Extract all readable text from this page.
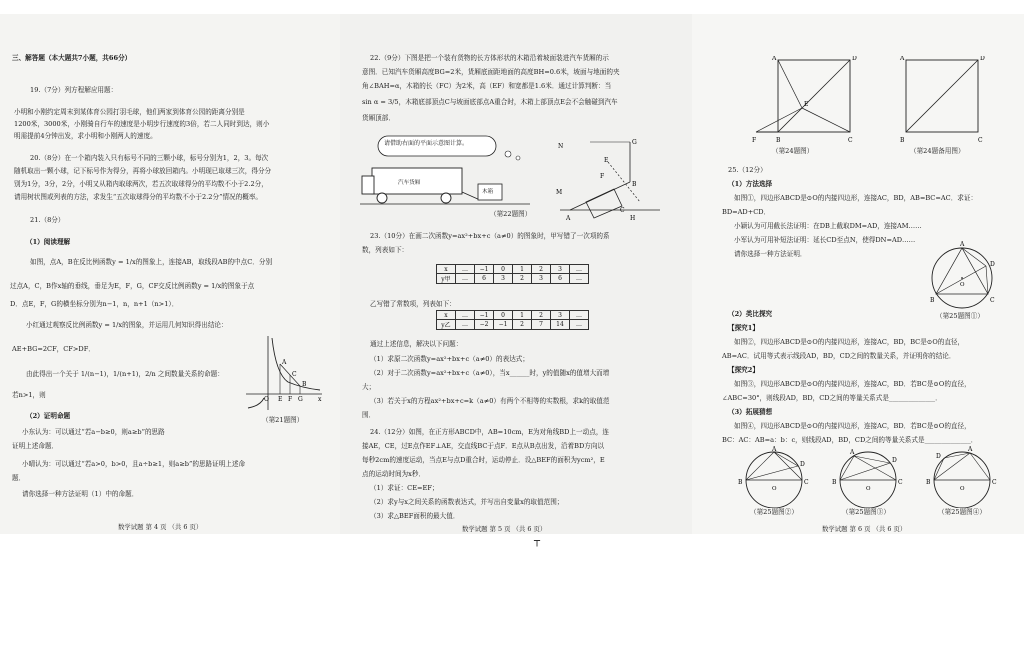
三、解答题（本大题共7小题，共66分）
19.（7分）列方程解应用题：
小明和小刚约定周末到某体育公园打羽毛球，他们两家到体育公园的距离分别是
1200米，3000米，小刚骑自行车的速度是小明步行速度的3倍，若二人同时到达，则小
明需提前4分钟出发，求小明和小刚两人的速度。
20.（8分）在一个箱内装入只有标号不同的三颗小球，标号分别为1，2，3。每次
随机取出一颗小球，记下标号作为得分，再将小球放回箱内。小明现已取球三次，得分分
别为1分，3分，2分，小明又从箱内取球两次，若五次取球得分的平均数不小于2.2分，
请用树状图或列表的方法，求发生“五次取球得分的平均数不小于2.2分”情况的概率。
21.（8分）
（1）阅读理解
如图，点A，B在反比例函数y = 1/x的图象上，连接AB，取线段AB的中点C．分别
过点A，C，B作x轴的垂线，垂足为E，F，G，CF交反比例函数y = 1/x的图象于点
D．点E，F，G的横坐标分别为n−1，n，n+1（n>1）．
小红通过观察反比例函数y = 1/x的图象，并运用几何知识得出结论：
AE+BG=2CF，CF>DF．
由此得出一个关于 1/(n−1)，1/(n+1)，2/n 之间数量关系的命题：
若n>1，则
（2）证明命题
小东认为：可以通过“若a−b≥0，则a≥b”的思路
证明上述命题．
小晴认为：可以通过“若a>0，b>0，且a÷b≥1，则a≥b”的思路证明上述命
题．
请你选择一种方法证明（1）中的命题．
A
C
B
O E F G	x
（第21题图）
数学试题 第 4 页 （共 6 页）
22.（9分）下图是把一个装有货物的长方体形状的木箱沿着坡面装进汽车货厢的示
意图．已知汽车货厢高度BG=2米，货厢底面距地面的高度BH=0.6米，坡面与地面的夹
角∠BAH=α，木箱的长（FC）为2米，高（EF）和宽都是1.6米．通过计算判断：当
sin α = 3/5，木箱底部顶点C与坡面底部点A重合时，木箱上部顶点E会不会触碰到汽车
货厢顶部．
N
G
E
F
M
B
A	H
C
请借助右面的平面示意图计算。
汽车货厢
木箱
（第22题图）
23.（10分）在画二次函数y=ax²+bx+c（a≠0）的图象时，甲写错了一次项的系
数，列表如下：
x	…	−1	0	1	2	3	…
y甲	…	6	3	2	3	6	…
乙写错了常数项，列表如下：
x	…	−1	0	1	2	3	…
y乙	…	−2	−1	2	7	14	…
通过上述信息，解决以下问题：
（1）求原二次函数y=ax²+bx+c（a≠0）的表达式；
（2）对于二次函数y=ax²+bx+c（a≠0），当x______时，y的值随x的值增大而增
大；
（3）若关于x的方程ax²+bx+c=k（a≠0）有两个不相等的实数根，求k的取值范
围．
24.（12分）如图，在正方形ABCD中，AB=10cm，E为对角线BD上一动点，连
接AE，CE，过E点作EF⊥AE，交直线BC于点F．E点从B点出发，沿着BD方向以
每秒2cm的速度运动，当点E与点D重合时，运动停止．设△BEF的面积为ycm²，E
点的运动时间为x秒．
（1）求证：CE=EF；
（2）求y与x之间关系的函数表达式，并写出自变量x的取值范围；
（3）求△BEF面积的最大值．
数学试题 第 5 页 （共 6 页）
┬
A	D
E
F	B	C
（第24题图）
A	D
B	C
（第24题备用图）
25.（12分）
（1）方法选择
如图①，四边形ABCD是⊙O的内接四边形，连接AC，BD，AB=BC=AC．求证：
BD=AD+CD．
小颖认为可用截长法证明：在DB上截取DM=AD，连接AM……
小军认为可用补短法证明：延长CD至点N，使得DN=AD……
请你选择一种方法证明．
A
D
B	C
O
（第25题图①）
（2）类比探究
【探究1】
如图②，四边形ABCD是⊙O的内接四边形，连接AC，BD，BC是⊙O的直径，
AB=AC．试用等式表示线段AD，BD，CD之间的数量关系，并证明你的结论．
【探究2】
如图③，四边形ABCD是⊙O的内接四边形，连接AC，BD．若BC是⊙O的直径，
∠ABC=30°，则线段AD，BD，CD之间的等量关系式是______________．
（3）拓展猜想
如图④，四边形ABCD是⊙O的内接四边形，连接AC，BD．若BC是⊙O的直径，
BC：AC：AB=a：b：c，则线段AD，BD，CD之间的等量关系式是______________．
A
D
B	C
O
（第25题图②）
A
D
B	C
O
（第25题图③）
A
D
B	C
O
（第25题图④）
数学试题 第 6 页 （共 6 页）
